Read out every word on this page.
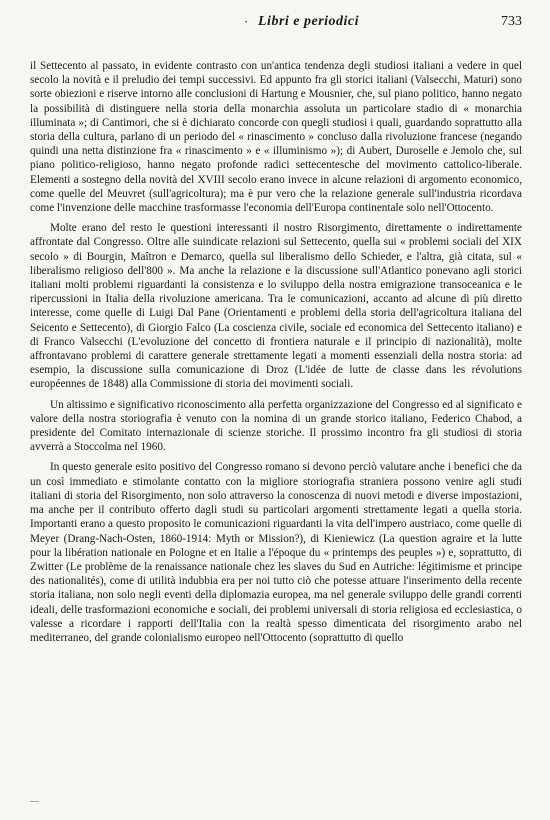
· Libri e periodici	733

il Settecento al passato, in evidente contrasto con un'antica tendenza degli studiosi italiani a vedere in quel secolo la novità e il preludio dei tempi successivi. Ed appunto fra gli storici italiani (Valsecchi, Maturi) sono sorte obiezioni e riserve intorno alle conclusioni di Hartung e Mousnier, che, sul piano politico, hanno negato la possibilità di distinguere nella storia della monarchia assoluta un particolare stadio di « monarchia illuminata »; di Cantimori, che si è dichiarato concorde con quegli studiosi i quali, guardando soprattutto alla storia della cultura, parlano di un periodo del « rinascimento » concluso dalla rivoluzione francese (negando quindi una netta distinzione fra « rinascimento » e « illuminismo »); di Aubert, Duroselle e Jemolo che, sul piano politico-religioso, hanno negato profonde radici settecentesche del movimento cattolico-liberale. Elementi a sostegno della novità del XVIII secolo erano invece in alcune relazioni di argomento economico, come quelle del Meuvret (sull'agricoltura); ma è pur vero che la relazione generale sull'industria ricordava come l'invenzione delle macchine trasformasse l'economia dell'Europa continentale solo nell'Ottocento.

Molte erano del resto le questioni interessanti il nostro Risorgimento, direttamente o indirettamente affrontate dal Congresso. Oltre alle suindicate relazioni sul Settecento, quella sui « problemi sociali del XIX secolo » di Bourgin, Maîtron e Demarco, quella sul liberalismo dello Schieder, e l'altra, già citata, sul « liberalismo religioso dell'800 ». Ma anche la relazione e la discussione sull'Atlantico ponevano agli storici italiani molti problemi riguardanti la consistenza e lo sviluppo della nostra emigrazione transoceanica e le ripercussioni in Italia della rivoluzione americana. Tra le comunicazioni, accanto ad alcune di più diretto interesse, come quelle di Luigi Dal Pane (Orientamenti e problemi della storia dell'agricoltura italiana del Seicento e Settecento), di Giorgio Falco (La coscienza civile, sociale ed economica del Settecento italiano) e di Franco Valsecchi (L'evoluzione del concetto di frontiera naturale e il principio di nazionalità), molte affrontavano problemi di carattere generale strettamente legati a momenti essenziali della nostra storia: ad esempio, la discussione sulla comunicazione di Droz (L'idée de lutte de classe dans les révolutions européennes de 1848) alla Commissione di storia dei movimenti sociali.

Un altissimo e significativo riconoscimento alla perfetta organizzazione del Congresso ed al significato e valore della nostra storiografia è venuto con la nomina di un grande storico italiano, Federico Chabod, a presidente del Comitato internazionale di scienze storiche. Il prossimo incontro fra gli studiosi di storia avverrà a Stoccolma nel 1960.

In questo generale esito positivo del Congresso romano si devono perciò valutare anche i benefici che da un così immediato e stimolante contatto con la migliore storiografia straniera possono venire agli studi italiani di storia del Risorgimento, non solo attraverso la conoscenza di nuovi metodi e diverse impostazioni, ma anche per il contributo offerto dagli studi su particolari argomenti strettamente legati a quella storia. Importanti erano a questo proposito le comunicazioni riguardanti la vita dell'impero austriaco, come quelle di Meyer (Drang-Nach-Osten, 1860-1914: Myth or Mission?), di Kieniewicz (La question agraire et la lutte pour la libération nationale en Pologne et en Italie a l'époque du « printemps des peuples ») e, soprattutto, di Zwitter (Le problème de la renaissance nationale chez les slaves du Sud en Autriche: légitimisme et principe des nationalités), come di utilità indubbia era per noi tutto ciò che potesse attuare l'inserimento della recente storia italiana, non solo negli eventi della diplomazia europea, ma nel generale sviluppo delle grandi correnti ideali, delle trasformazioni economiche e sociali, dei problemi universali di storia religiosa ed ecclesiastica, o valesse a ricordare i rapporti dell'Italia con la realtà spesso dimenticata del risorgimento arabo nel mediterraneo, del grande colonialismo europeo nell'Ottocento (soprattutto di quello

—
